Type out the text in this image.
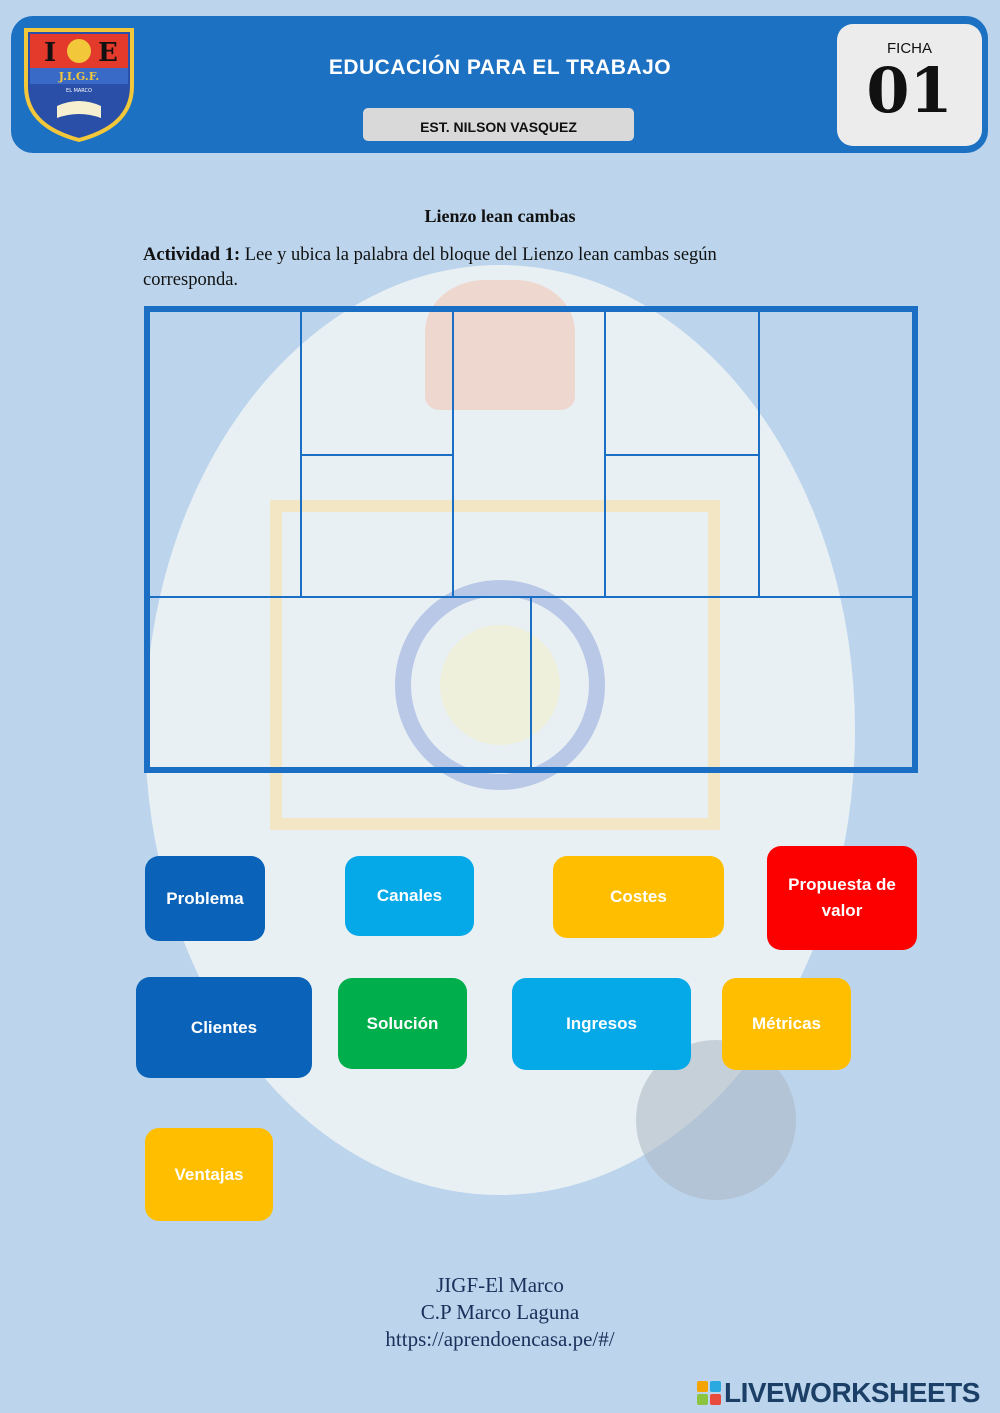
I E
J.I.G.F.
EL MARCO
EDUCACIÓN PARA EL TRABAJO
EST. NILSON VASQUEZ
FICHA
01
Lienzo lean cambas
Actividad 1: Lee y ubica la palabra del bloque del Lienzo lean cambas según corresponda.
Problema	Canales	Costes
Propuesta de valor
Clientes	Solución	Ingresos	Métricas
Ventajas
JIGF-El Marco
C.P Marco Laguna
https://aprendoencasa.pe/#/
LIVEWORKSHEETS
